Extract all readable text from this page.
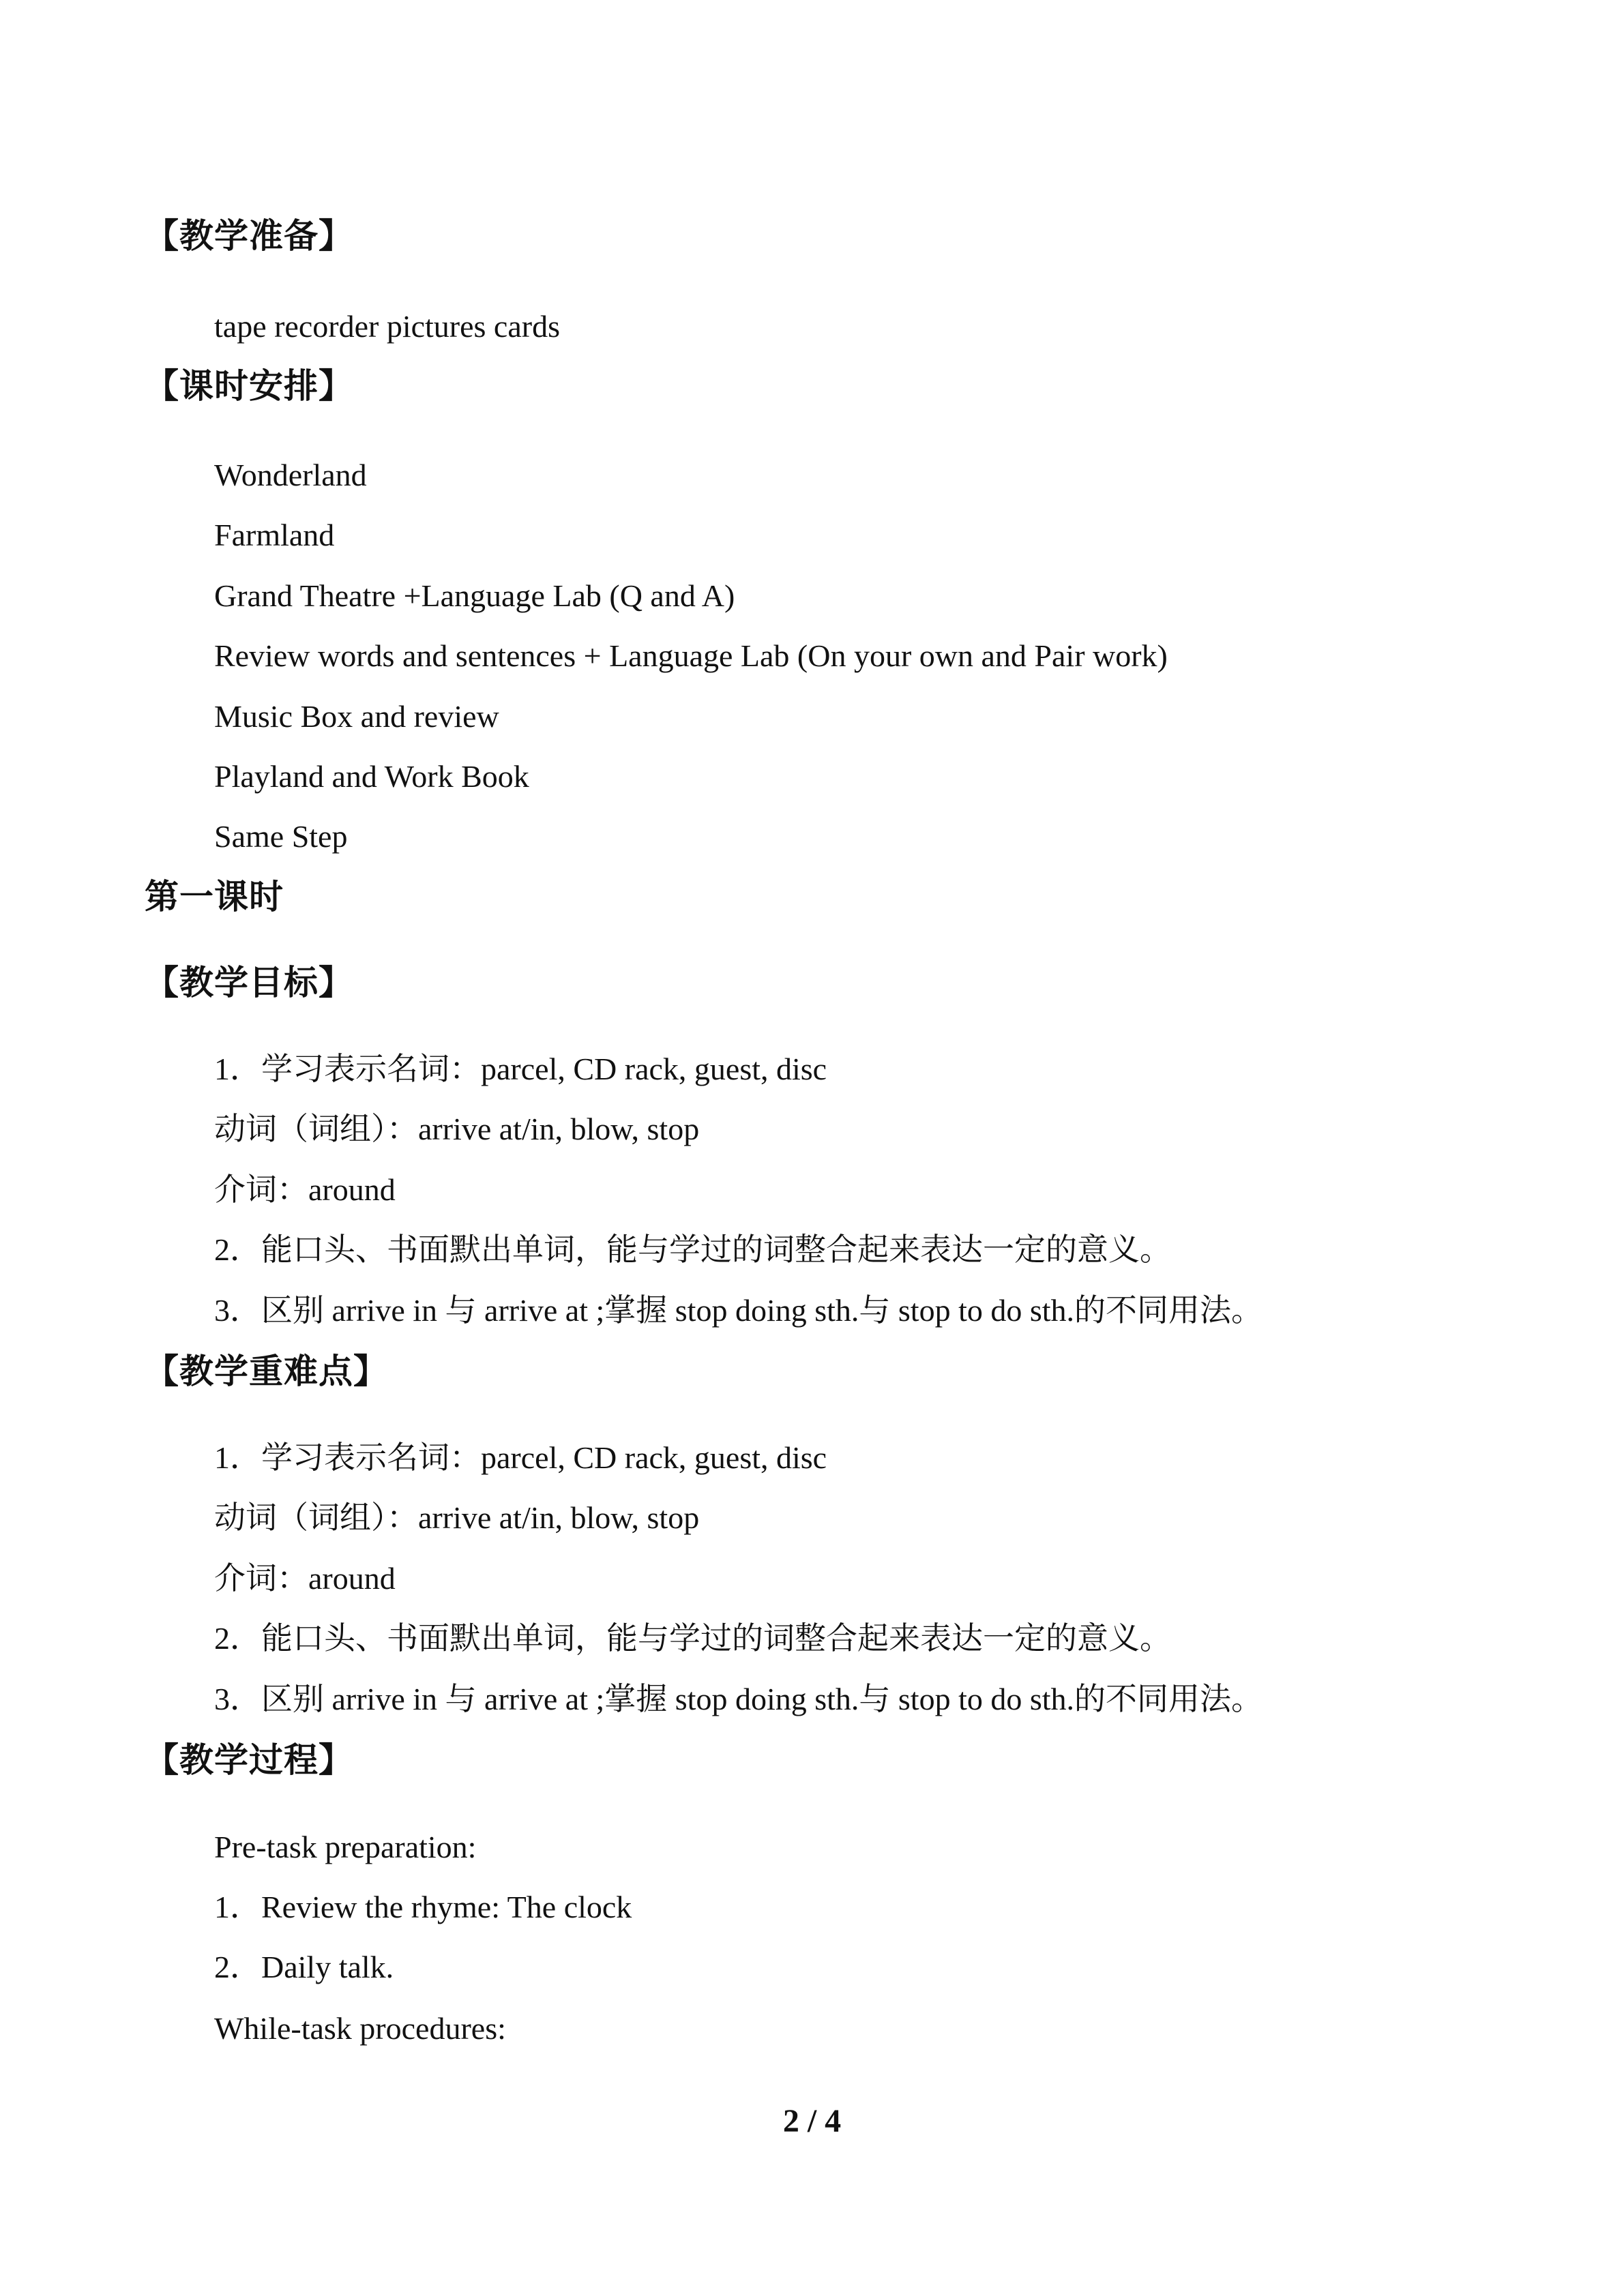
【教学准备】
tape recorder pictures cards
【课时安排】
Wonderland
Farmland
Grand Theatre +Language Lab (Q and A)
Review words and sentences + Language Lab (On your own and Pair work)
Music Box and review
Playland and Work Book
Same Step
第一课时
【教学目标】
1．学习表示名词：parcel, CD rack, guest, disc
动词（词组）：arrive at/in, blow, stop
介词：around
2．能口头、书面默出单词，能与学过的词整合起来表达一定的意义。
3．区别 arrive in 与 arrive at ;掌握 stop doing sth.与 stop to do sth.的不同用法。
【教学重难点】
1．学习表示名词：parcel, CD rack, guest, disc
动词（词组）：arrive at/in, blow, stop
介词：around
2．能口头、书面默出单词，能与学过的词整合起来表达一定的意义。
3．区别 arrive in 与 arrive at ;掌握 stop doing sth.与 stop to do sth.的不同用法。
【教学过程】
Pre-task preparation:
1．Review the rhyme: The clock
2．Daily talk.
While-task procedures:
2 / 4
